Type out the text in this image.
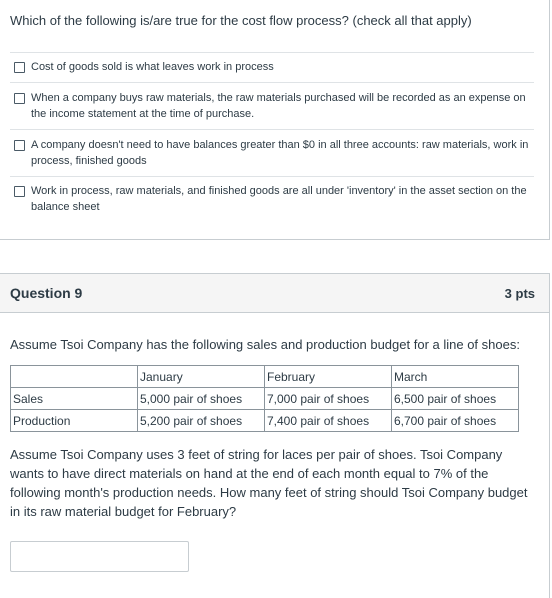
Which of the following is/are true for the cost flow process? (check all that apply)
Cost of goods sold is what leaves work in process
When a company buys raw materials, the raw materials purchased will be recorded as an expense on the income statement at the time of purchase.
A company doesn't need to have balances greater than $0 in all three accounts: raw materials, work in process, finished goods
Work in process, raw materials, and finished goods are all under 'inventory' in the asset section on the balance sheet
Question 9	3 pts
Assume Tsoi Company has the following sales and production budget for a line of shoes:
	January	February	March
Sales	5,000 pair of shoes	7,000 pair of shoes	6,500 pair of shoes
Production	5,200 pair of shoes	7,400 pair of shoes	6,700 pair of shoes
Assume Tsoi Company uses 3 feet of string for laces per pair of shoes. Tsoi Company wants to have direct materials on hand at the end of each month equal to 7% of the following month's production needs. How many feet of string should Tsoi Company budget in its raw material budget for February?
